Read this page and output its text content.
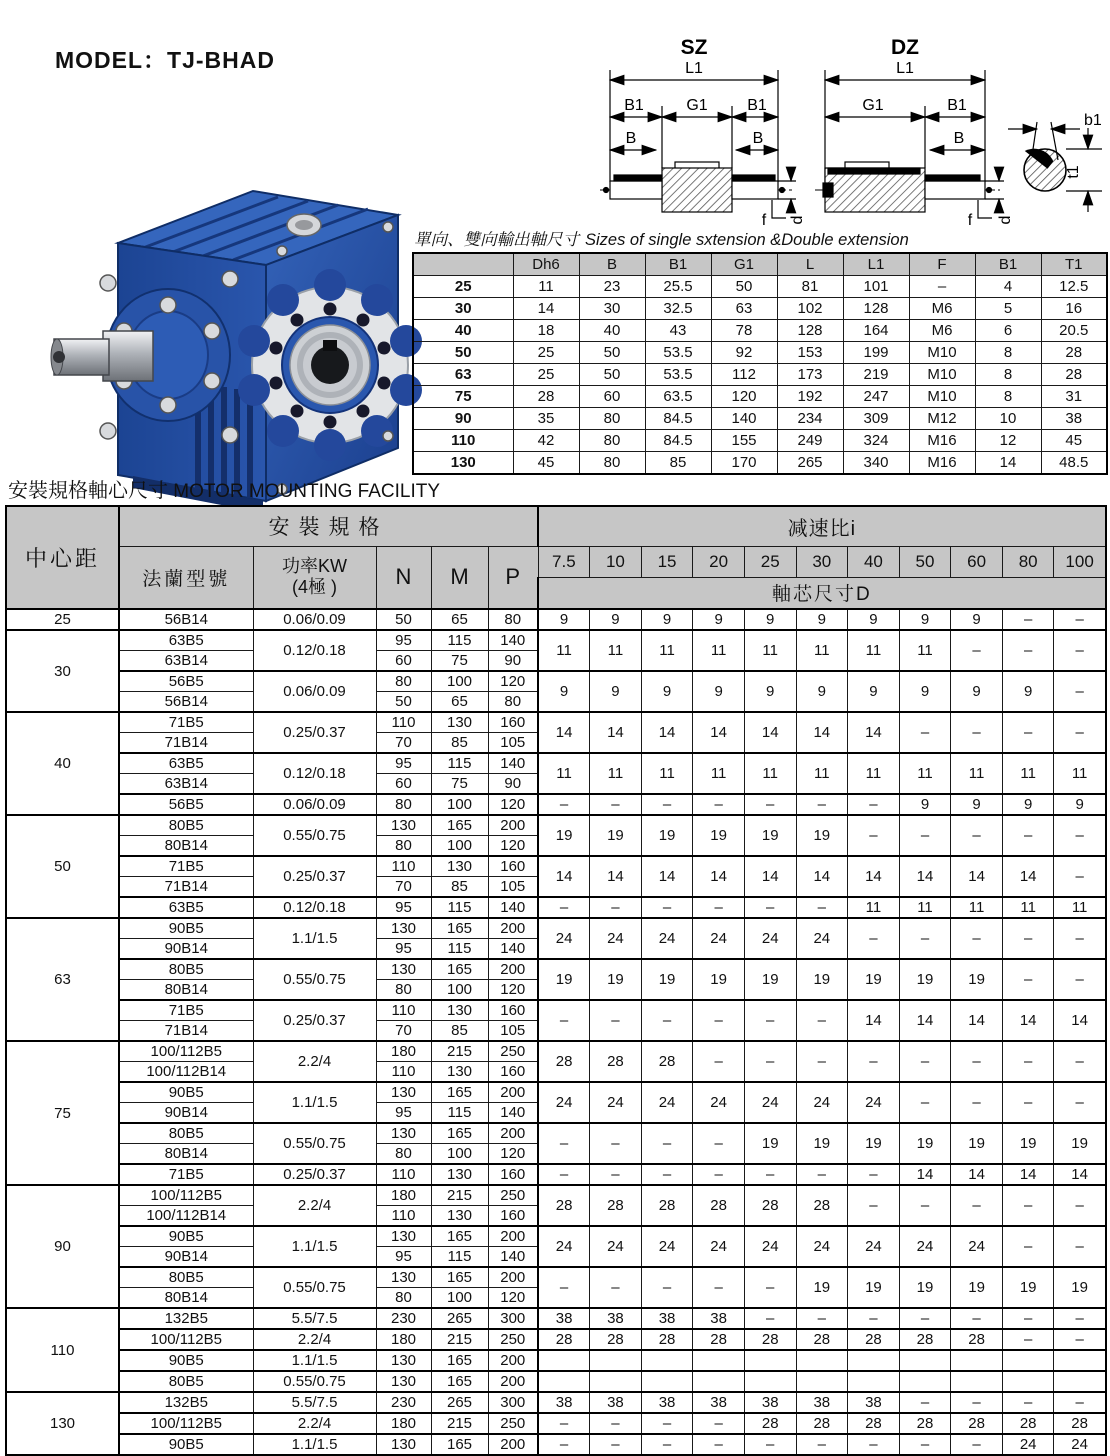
MODEL：TJ-BHAD	SZ	DZ
L1
B1	G1 B1
B	B
f d
L1
G1	B1
B
f d
b1
t1
單向、雙向輸出軸尺寸 Sizes of single sxtension &Double extension
	Dh6	B	B1	G1	L	L1	F	B1	T1
25	11	23	25.5	50	81	101	–	4	12.5
30	14	30	32.5	63	102	128	M6	5	16
40	18	40	43	78	128	164	M6	6	20.5
50	25	50	53.5	92	153	199	M10	8	28
63	25	50	53.5	112	173	219	M10	8	28
75	28	60	63.5	120	192	247	M10	8	31
90	35	80	84.5	140	234	309	M12	10	38
110	42	80	84.5	155	249	324	M16	12	45
130	45	80	85	170	265	340	M16	14	48.5
安裝規格軸心尺寸 MOTOR MOUNTING FACILITY
中心距	安裝規格					减速比i										
	法蘭型號	功率KW
(4極 )	N	M	P	7.5	10	15	20	25	30	40	50	60	80	100
						軸芯尺寸D										
25	56B14	0.06/0.09	50	65	80	9	9	9	9	9	9	9	9	9	–	–
30	63B5	0.12/0.18	95	115	140	11	11	11	11	11	11	11	11	–	–	–
	63B14		60	75	90											
	56B5	0.06/0.09	80	100	120	9	9	9	9	9	9	9	9	9	9	–
	56B14		50	65	80											
40	71B5	0.25/0.37	110	130	160	14	14	14	14	14	14	14	–	–	–	–
	71B14		70	85	105											
	63B5	0.12/0.18	95	115	140	11	11	11	11	11	11	11	11	11	11	11
	63B14		60	75	90											
	56B5	0.06/0.09	80	100	120	–	–	–	–	–	–	–	9	9	9	9
50	80B5	0.55/0.75	130	165	200	19	19	19	19	19	19	–	–	–	–	–
	80B14		80	100	120											
	71B5	0.25/0.37	110	130	160	14	14	14	14	14	14	14	14	14	14	–
	71B14		70	85	105											
	63B5	0.12/0.18	95	115	140	–	–	–	–	–	–	11	11	11	11	11
63	90B5	1.1/1.5	130	165	200	24	24	24	24	24	24	–	–	–	–	–
	90B14		95	115	140											
	80B5	0.55/0.75	130	165	200	19	19	19	19	19	19	19	19	19	–	–
	80B14		80	100	120											
	71B5	0.25/0.37	110	130	160	–	–	–	–	–	–	14	14	14	14	14
	71B14		70	85	105											
75	100/112B5	2.2/4	180	215	250	28	28	28	–	–	–	–	–	–	–	–
	100/112B14		110	130	160											
	90B5	1.1/1.5	130	165	200	24	24	24	24	24	24	24	–	–	–	–
	90B14		95	115	140											
	80B5	0.55/0.75	130	165	200	–	–	–	–	19	19	19	19	19	19	19
	80B14		80	100	120											
	71B5	0.25/0.37	110	130	160	–	–	–	–	–	–	–	14	14	14	14
90	100/112B5	2.2/4	180	215	250	28	28	28	28	28	28	–	–	–	–	–
	100/112B14		110	130	160											
	90B5	1.1/1.5	130	165	200	24	24	24	24	24	24	24	24	24	–	–
	90B14		95	115	140											
	80B5	0.55/0.75	130	165	200	–	–	–	–	–	19	19	19	19	19	19
	80B14		80	100	120											
110	132B5	5.5/7.5	230	265	300	38	38	38	38	–	–	–	–	–	–	–
	100/112B5	2.2/4	180	215	250	28	28	28	28	28	28	28	28	28	–	–
	90B5	1.1/1.5	130	165	200											
	80B5	0.55/0.75	130	165	200											
130	132B5	5.5/7.5	230	265	300	38	38	38	38	38	38	38	–	–	–	–
	100/112B5	2.2/4	180	215	250	–	–	–	–	28	28	28	28	28	28	28
	90B5	1.1/1.5	130	165	200	–	–	–	–	–	–	–	–	–	24	24
